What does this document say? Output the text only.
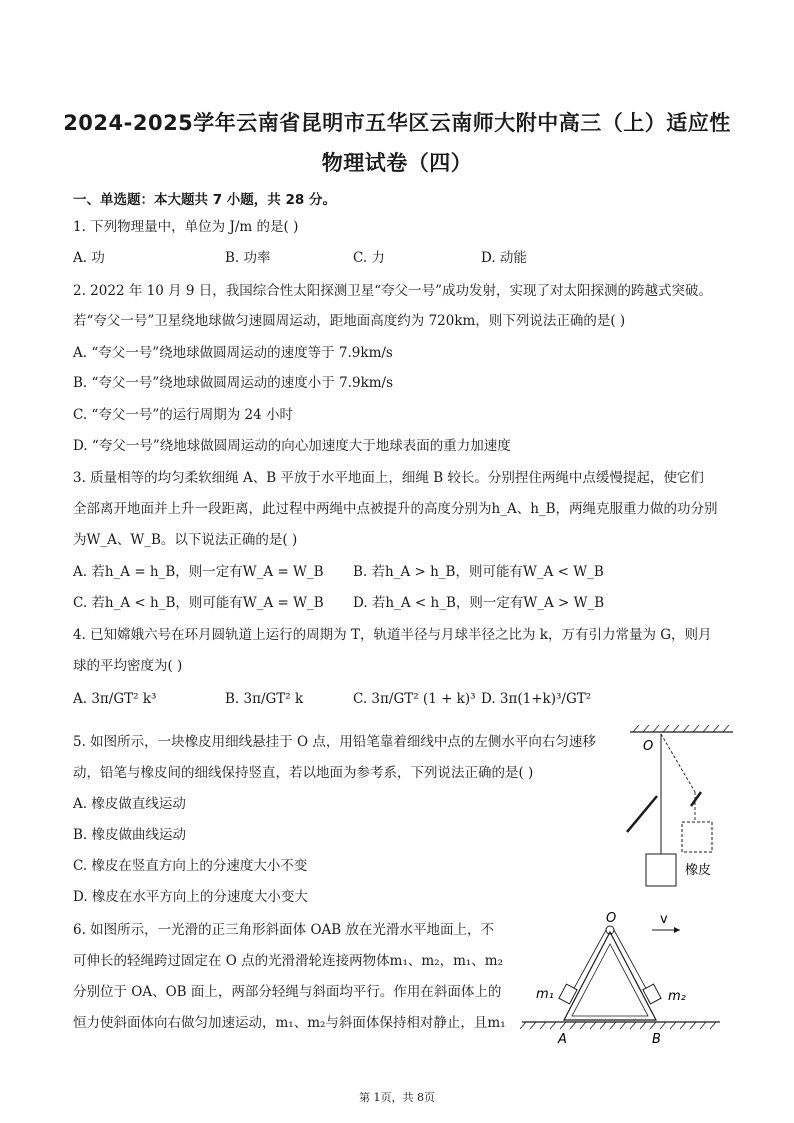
2024-2025学年云南省昆明市五华区云南师大附中高三（上）适应性
物理试卷（四）
一、单选题：本大题共 7 小题，共 28 分。
1. 下列物理量中，单位为 J/m 的是( )
A. 功	B. 功率	C. 力	D. 动能
2. 2022 年 10 月 9 日，我国综合性太阳探测卫星“夸父一号”成功发射，实现了对太阳探测的跨越式突破。
若“夸父一号”卫星绕地球做匀速圆周运动，距地面高度约为 720km，则下列说法正确的是( )
A. “夸父一号”绕地球做圆周运动的速度等于 7.9km/s
B. “夸父一号”绕地球做圆周运动的速度小于 7.9km/s
C. “夸父一号”的运行周期为 24 小时
D. “夸父一号”绕地球做圆周运动的向心加速度大于地球表面的重力加速度
3. 质量相等的均匀柔软细绳 A、B 平放于水平地面上，细绳 B 较长。分别捏住两绳中点缓慢提起，使它们
全部离开地面并上升一段距离，此过程中两绳中点被提升的高度分别为h_A、h_B，两绳克服重力做的功分别
为W_A、W_B。以下说法正确的是( )
A. 若h_A = h_B，则一定有W_A = W_B B. 若h_A > h_B，则可能有W_A < W_B
C. 若h_A < h_B，则可能有W_A = W_B D. 若h_A < h_B，则一定有W_A > W_B
4. 已知嫦娥六号在环月圆轨道上运行的周期为 T，轨道半径与月球半径之比为 k，万有引力常量为 G，则月
球的平均密度为( )
A. 3π/GT² k³	B. 3π/GT² k	C. 3π/GT² (1 + k)³ D. 3π(1+k)³/GT²
5. 如图所示，一块橡皮用细线悬挂于 O 点，用铅笔靠着细线中点的左侧水平向右匀速移
动，铅笔与橡皮间的细线保持竖直，若以地面为参考系，下列说法正确的是( )
A. 橡皮做直线运动
B. 橡皮做曲线运动
C. 橡皮在竖直方向上的分速度大小不变
D. 橡皮在水平方向上的分速度大小变大
O
橡皮
6. 如图所示，一光滑的正三角形斜面体 OAB 放在光滑水平地面上，不
可伸长的轻绳跨过固定在 O 点的光滑滑轮连接两物体m₁、m₂，m₁、m₂
分别位于 OA、OB 面上，两部分轻绳与斜面均平行。作用在斜面体上的
恒力使斜面体向右做匀加速运动，m₁、m₂与斜面体保持相对静止，且m₁
O	v
m₁	m₂
A	B
第 1页，共 8页
